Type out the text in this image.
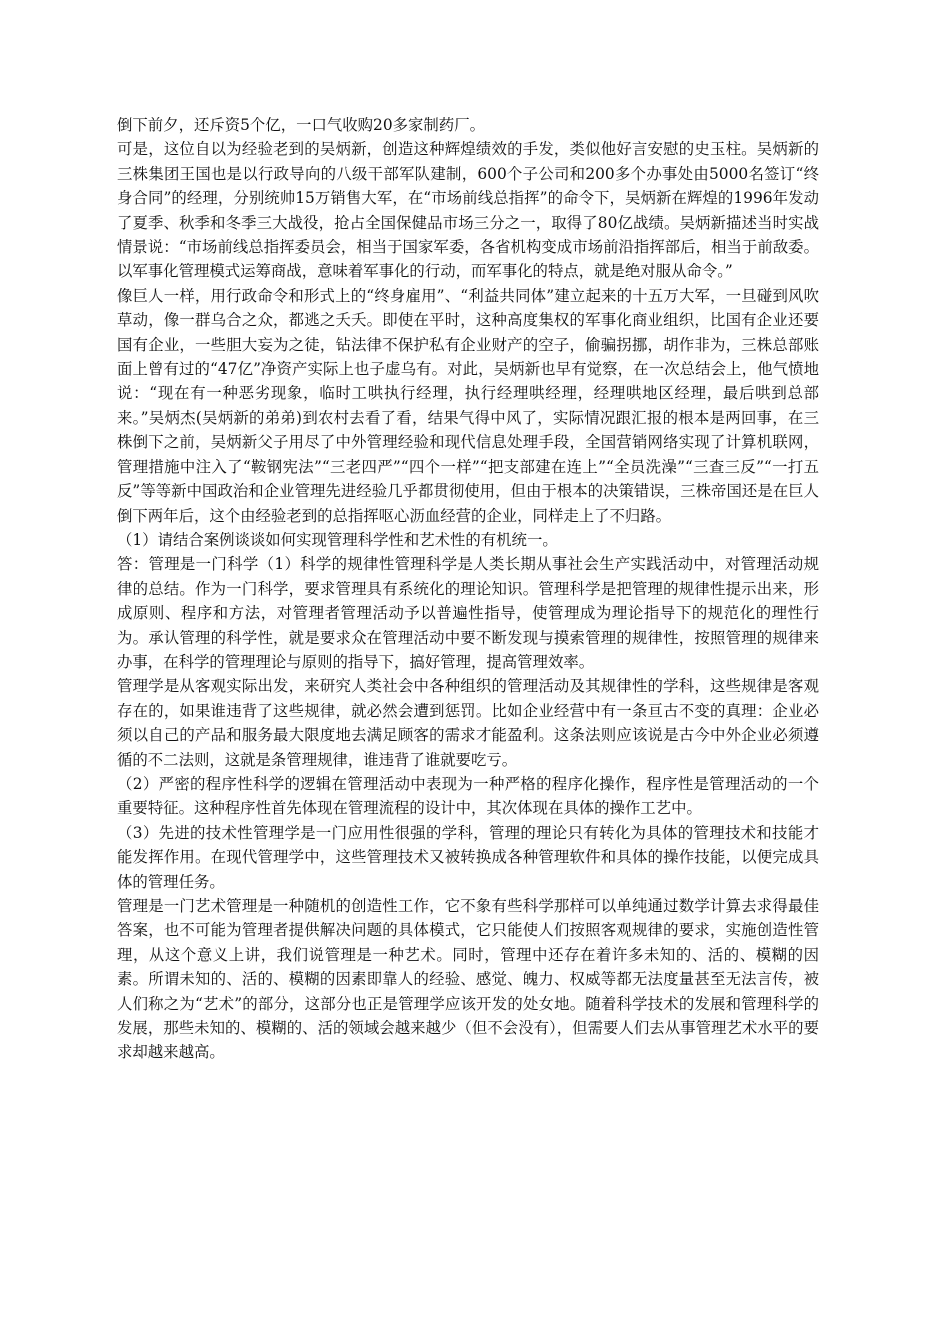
倒下前夕，还斥资5个亿，一口气收购20多家制药厂。

可是，这位自以为经验老到的吴炳新，创造这种辉煌绩效的手发，类似他好言安慰的史玉柱。吴炳新的三株集团王国也是以行政导向的八级干部军队建制，600个子公司和200多个办事处由5000名签订“终身合同”的经理，分别统帅15万销售大军，在“市场前线总指挥”的命令下，吴炳新在辉煌的1996年发动了夏季、秋季和冬季三大战役，抢占全国保健品市场三分之一，取得了80亿战绩。吴炳新描述当时实战情景说：“市场前线总指挥委员会，相当于国家军委，各省机构变成市场前沿指挥部后，相当于前敌委。以军事化管理模式运筹商战，意味着军事化的行动，而军事化的特点，就是绝对服从命令。”

像巨人一样，用行政命令和形式上的“终身雇用”、“利益共同体”建立起来的十五万大军，一旦碰到风吹草动，像一群乌合之众，都逃之夭夭。即使在平时，这种高度集权的军事化商业组织，比国有企业还要国有企业，一些胆大妄为之徒，钻法律不保护私有企业财产的空子，偷骗拐挪，胡作非为，三株总部账面上曾有过的“47亿”净资产实际上也子虚乌有。对此，吴炳新也早有觉察，在一次总结会上，他气愤地说：“现在有一种恶劣现象，临时工哄执行经理，执行经理哄经理，经理哄地区经理，最后哄到总部来。”吴炳杰(吴炳新的弟弟)到农村去看了看，结果气得中风了，实际情况跟汇报的根本是两回事，在三株倒下之前，吴炳新父子用尽了中外管理经验和现代信息处理手段，全国营销网络实现了计算机联网，管理措施中注入了“鞍钢宪法”“三老四严”“四个一样”“把支部建在连上”“全员洗澡”“三查三反”“一打五反”等等新中国政治和企业管理先进经验几乎都贯彻使用，但由于根本的决策错误，三株帝国还是在巨人倒下两年后，这个由经验老到的总指挥呕心沥血经营的企业，同样走上了不归路。

（1）请结合案例谈谈如何实现管理科学性和艺术性的有机统一。

答：管理是一门科学（1）科学的规律性管理科学是人类长期从事社会生产实践活动中，对管理活动规律的总结。作为一门科学，要求管理具有系统化的理论知识。管理科学是把管理的规律性提示出来，形成原则、程序和方法，对管理者管理活动予以普遍性指导，使管理成为理论指导下的规范化的理性行为。承认管理的科学性，就是要求众在管理活动中要不断发现与摸索管理的规律性，按照管理的规律来办事，在科学的管理理论与原则的指导下，搞好管理，提高管理效率。

管理学是从客观实际出发，来研究人类社会中各种组织的管理活动及其规律性的学科，这些规律是客观存在的，如果谁违背了这些规律，就必然会遭到惩罚。比如企业经营中有一条亘古不变的真理：企业必须以自己的产品和服务最大限度地去满足顾客的需求才能盈利。这条法则应该说是古今中外企业必须遵循的不二法则，这就是条管理规律，谁违背了谁就要吃亏。

（2）严密的程序性科学的逻辑在管理活动中表现为一种严格的程序化操作，程序性是管理活动的一个重要特征。这种程序性首先体现在管理流程的设计中，其次体现在具体的操作工艺中。

（3）先进的技术性管理学是一门应用性很强的学科，管理的理论只有转化为具体的管理技术和技能才能发挥作用。在现代管理学中，这些管理技术又被转换成各种管理软件和具体的操作技能，以便完成具体的管理任务。

管理是一门艺术管理是一种随机的创造性工作，它不象有些科学那样可以单纯通过数学计算去求得最佳答案，也不可能为管理者提供解决问题的具体模式，它只能使人们按照客观规律的要求，实施创造性管理，从这个意义上讲，我们说管理是一种艺术。同时，管理中还存在着许多未知的、活的、模糊的因素。所谓未知的、活的、模糊的因素即靠人的经验、感觉、魄力、权威等都无法度量甚至无法言传，被人们称之为“艺术”的部分，这部分也正是管理学应该开发的处女地。随着科学技术的发展和管理科学的发展，那些未知的、模糊的、活的领域会越来越少（但不会没有），但需要人们去从事管理艺术水平的要求却越来越高。
